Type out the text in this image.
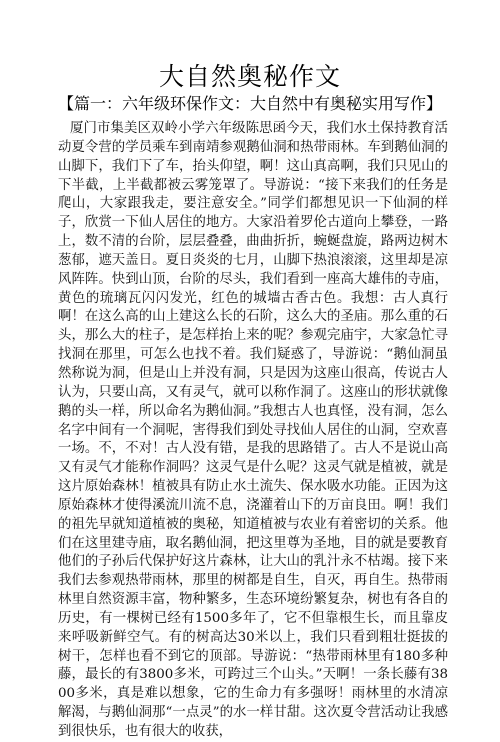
大自然奥秘作文
【篇一：六年级环保作文：大自然中有奥秘实用写作】

厦门市集美区双岭小学六年级陈思函今天，我们水土保持教育活动夏令营的学员乘车到南靖参观鹅仙洞和热带雨林。车到鹅仙洞的山脚下，我们下了车，抬头仰望，啊！这山真高啊，我们只见山的下半截，上半截都被云雾笼罩了。导游说：“接下来我们的任务是爬山，大家跟我走，要注意安全。”同学们都想见识一下仙洞的样子，欣赏一下仙人居住的地方。大家沿着罗伦古道向上攀登，一路上，数不清的台阶，层层叠叠，曲曲折折，蜿蜒盘旋，路两边树木葱郁，遮天盖日。夏日炎炎的七月，山脚下热浪滚滚，这里却是凉风阵阵。快到山顶，台阶的尽头，我们看到一座高大雄伟的寺庙，黄色的琉璃瓦闪闪发光，红色的城墙古香古色。我想：古人真行啊！在这么高的山上建这么长的石阶，这么大的圣庙。那么重的石头，那么大的柱子，是怎样抬上来的呢？参观完庙宇，大家急忙寻找洞在那里，可怎么也找不着。我们疑惑了，导游说：“鹅仙洞虽然称说为洞，但是山上并没有洞，只是因为这座山很高，传说古人认为，只要山高，又有灵气，就可以称作洞了。这座山的形状就像鹅的头一样，所以命名为鹅仙洞。”我想古人也真怪，没有洞，怎么名字中间有一个洞呢，害得我们到处寻找仙人居住的山洞，空欢喜一场。不，不对！古人没有错，是我的思路错了。古人不是说山高又有灵气才能称作洞吗？这灵气是什么呢？这灵气就是植被，就是这片原始森林！植被具有防止水土流失、保水吸水功能。正因为这原始森林才使得溪流川流不息，浇灌着山下的万亩良田。啊！我们的祖先早就知道植被的奥秘，知道植被与农业有着密切的关系。他们在这里建寺庙，取名鹅仙洞，把这里尊为圣地，目的就是要教育他们的子孙后代保护好这片森林，让大山的乳汁永不枯竭。接下来我们去参观热带雨林，那里的树都是自生，自灭，再自生。热带雨林里自然资源丰富，物种繁多，生态环境纷繁复杂，树也有各自的历史，有一棵树已经有1500多年了，它不但靠根生长，而且靠皮来呼吸新鲜空气。有的树高达30米以上，我们只看到粗壮挺拔的树干，怎样也看不到它的顶部。导游说：“热带雨林里有180多种藤，最长的有3800多米，可跨过三个山头。”天啊！一条长藤有3800多米，真是难以想象，它的生命力有多强呀！雨林里的水清凉解渴，与鹅仙洞那“一点灵”的水一样甘甜。这次夏令营活动让我感到很快乐，也有很大的收获，
